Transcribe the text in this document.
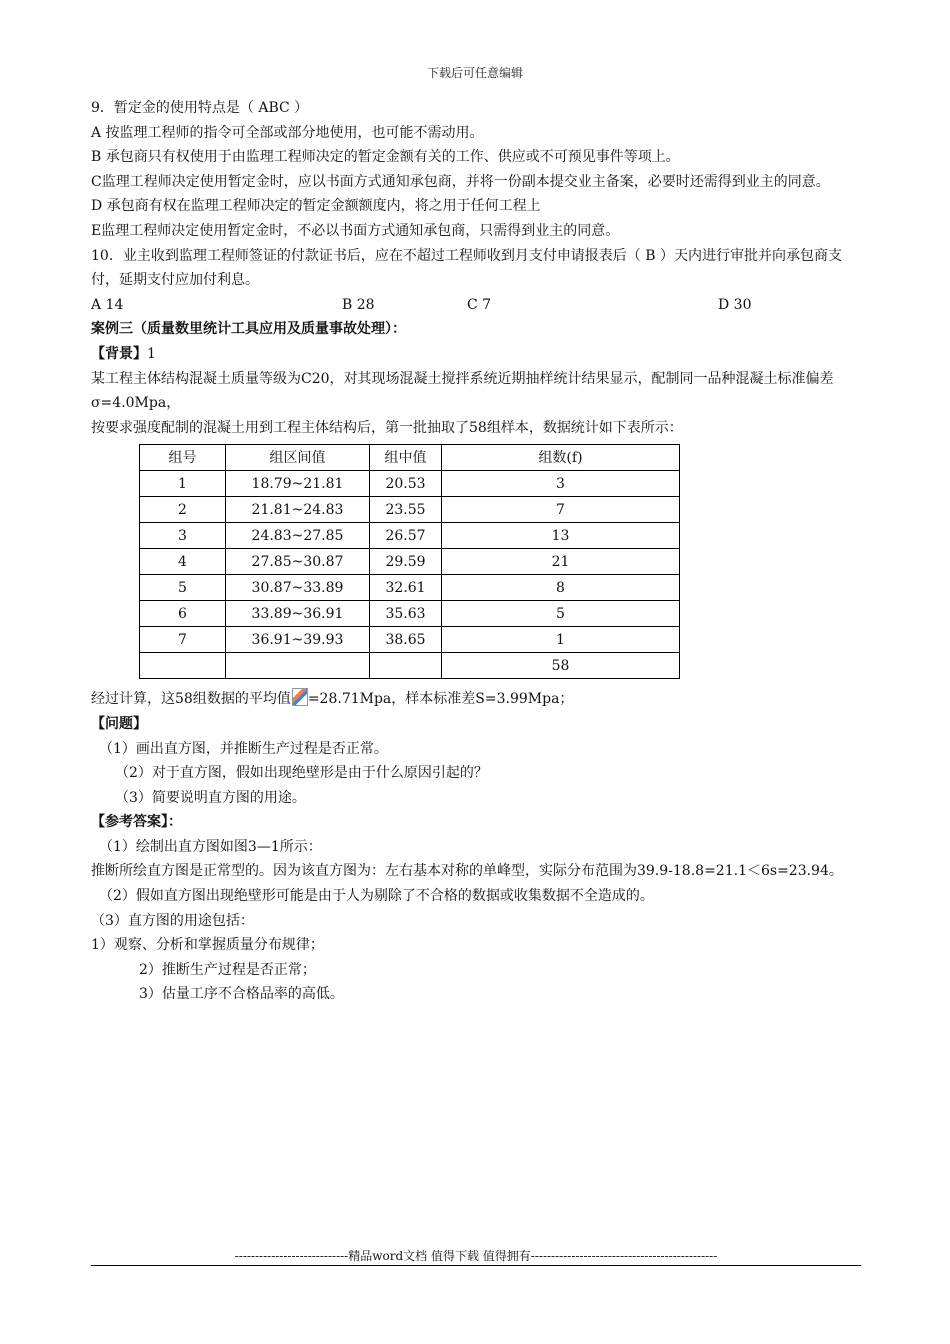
下载后可任意编辑

9．暂定金的使用特点是（ ABC ）

A 按监理工程师的指令可全部或部分地使用，也可能不需动用。

B 承包商只有权使用于由监理工程师决定的暂定金额有关的工作、供应或不可预见事件等项上。

C监理工程师决定使用暂定金时，应以书面方式通知承包商，并将一份副本提交业主备案，必要时还需得到业主的同意。

D 承包商有权在监理工程师决定的暂定金额额度内，将之用于任何工程上

E监理工程师决定使用暂定金时，不必以书面方式通知承包商，只需得到业主的同意。

10．业主收到监理工程师签证的付款证书后，应在不超过工程师收到月支付申请报表后（ B ）天内进行审批并向承包商支付，延期支付应加付利息。

A 14	B 28	C 7	D 30

案例三（质量数里统计工具应用及质量事故处理）：

【背景】1

某工程主体结构混凝土质量等级为C20，对其现场混凝土搅拌系统近期抽样统计结果显示，配制同一品种混凝土标准偏差σ=4.0Mpa，

按要求强度配制的混凝土用到工程主体结构后，第一批抽取了58组样本，数据统计如下表所示：

组号	组区间值	组中值	组数(f)
1	18.79~21.81	20.53	3
2	21.81~24.83	23.55	7
3	24.83~27.85	26.57	13
4	27.85~30.87	29.59	21
5	30.87~33.89	32.61	8
6	33.89~36.91	35.63	5
7	36.91~39.93	38.65	1
			58

经过计算，这58组数据的平均值 =28.71Mpa，样本标准差S=3.99Mpa；

【问题】

（1）画出直方图，并推断生产过程是否正常。

（2）对于直方图，假如出现绝壁形是由于什么原因引起的？

（3）简要说明直方图的用途。

【参考答案】：

（1）绘制出直方图如图3—1所示：

推断所绘直方图是正常型的。因为该直方图为：左右基本对称的单峰型，实际分布范围为39.9-18.8=21.1＜6s=23.94。

（2）假如直方图出现绝壁形可能是由于人为剔除了不合格的数据或收集数据不全造成的。

（3）直方图的用途包括：

1）观察、分析和掌握质量分布规律；

2）推断生产过程是否正常；

3）估量工序不合格品率的高低。

----------------------------精品word文档 值得下载 值得拥有----------------------------------------------
